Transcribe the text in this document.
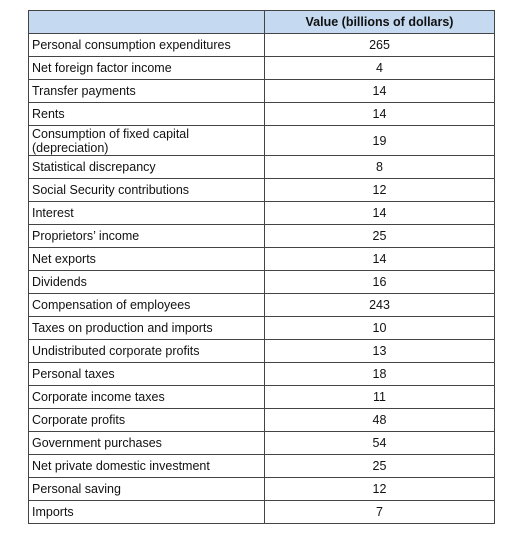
	Value (billions of dollars)
Personal consumption expenditures	265
Net foreign factor income	4
Transfer payments	14
Rents	14
Consumption of fixed capital (depreciation)	19
Statistical discrepancy	8
Social Security contributions	12
Interest	14
Proprietors’ income	25
Net exports	14
Dividends	16
Compensation of employees	243
Taxes on production and imports	10
Undistributed corporate profits	13
Personal taxes	18
Corporate income taxes	11
Corporate profits	48
Government purchases	54
Net private domestic investment	25
Personal saving	12
Imports	7
